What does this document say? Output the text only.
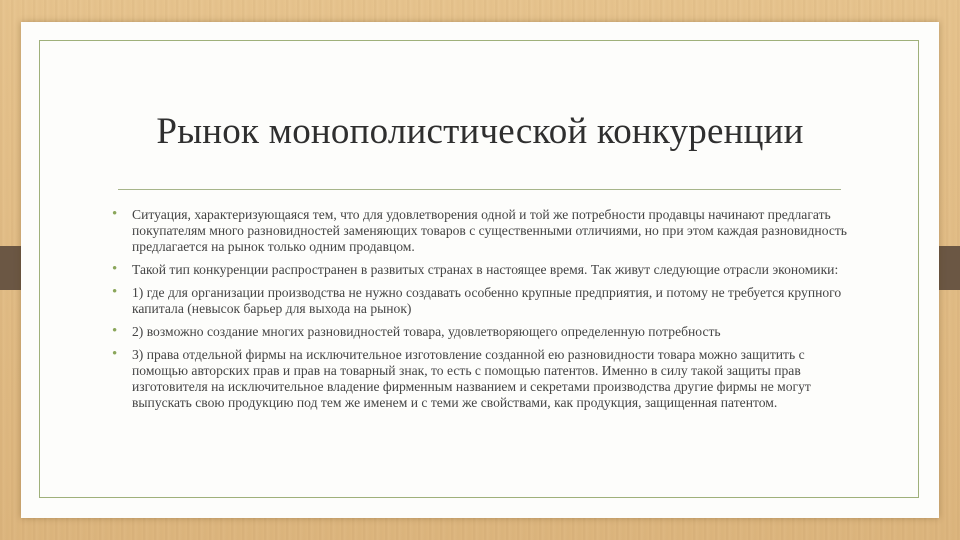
Рынок монополистической конкуренции
• Ситуация, характеризующаяся тем, что для удовлетворения одной и той же потребности продавцы начинают предлагать покупателям много разновидностей заменяющих товаров с существенными отличиями, но при этом каждая разновидность предлагается на рынок только одним продавцом.
• Такой тип конкуренции распространен в развитых странах в настоящее время. Так живут следующие отрасли экономики:
• 1) где для организации производства не нужно создавать особенно крупные предприятия, и потому не требуется крупного капитала (невысок барьер для выхода на рынок)
• 2) возможно создание многих разновидностей товара, удовлетворяющего определенную потребность
• 3) права отдельной фирмы на исключительное изготовление созданной ею разновидности товара можно защитить с помощью авторских прав и прав на товарный знак, то есть с помощью патентов. Именно в силу такой защиты прав изготовителя на исключительное владение фирменным названием и секретами производства другие фирмы не могут выпускать свою продукцию под тем же именем и с теми же свойствами, как продукция, защищенная патентом.
